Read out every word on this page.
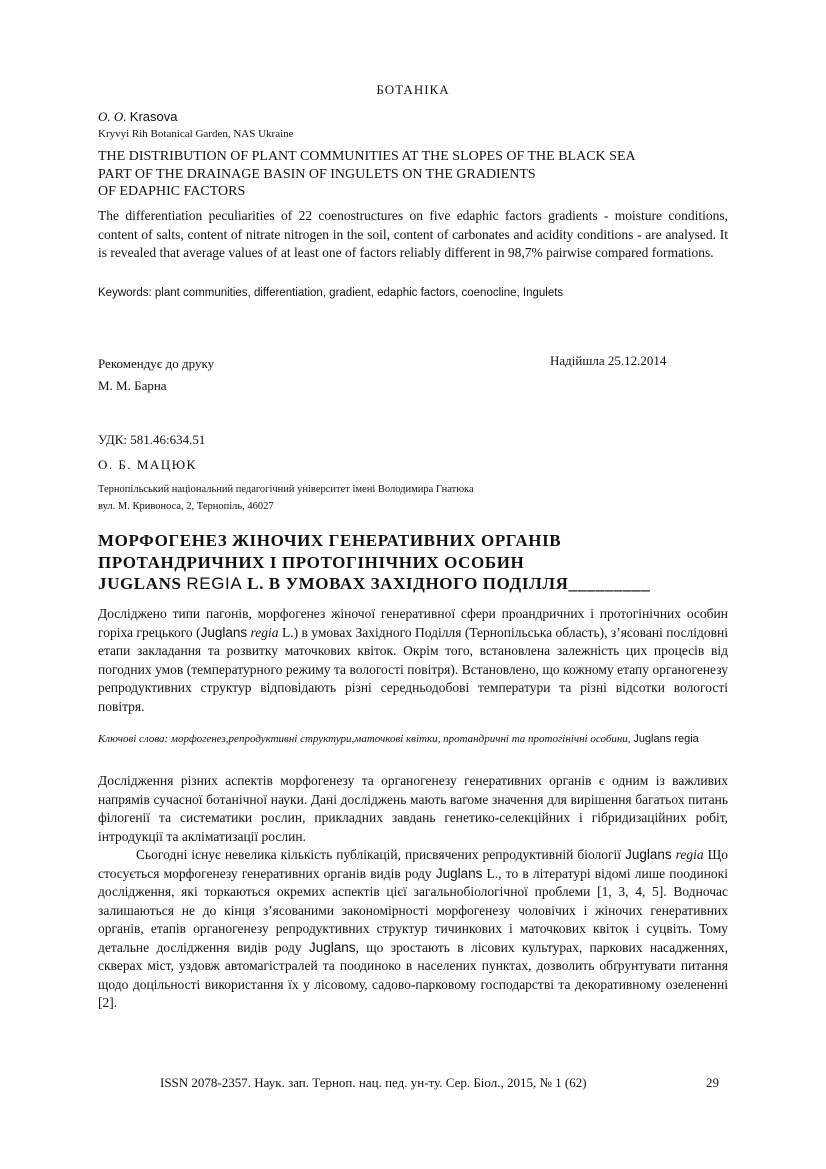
БОТАНІКА
O. O. Krasova
Kryvyi Rih Botanical Garden, NAS Ukraine
THE DISTRIBUTION OF PLANT COMMUNITIES AT THE SLOPES OF THE BLACK SEA
PART OF THE DRAINAGE BASIN OF INGULETS ON THE GRADIENTS
OF EDAPHIC FACTORS
The differentiation peculiarities of 22 coenostructures on five edaphic factors gradients - moisture conditions, content of salts, content of nitrate nitrogen in the soil, content of carbonates and acidity conditions - are analysed. It is revealed that average values of at least one of factors reliably different in 98,7% pairwise compared formations.
Keywords: plant communities, differentiation, gradient, edaphic factors, coenocline, Ingulets
Рекомендує до друку
М. М. Барна
Надійшла 25.12.2014
УДК: 581.46:634.51
О. Б. МАЦЮК
Тернопільський національний педагогічний університет імені Володимира Гнатюка
вул. М. Кривоноса, 2, Тернопіль, 46027
МОРФОГЕНЕЗ ЖІНОЧИХ ГЕНЕРАТИВНИХ ОРГАНІВ
ПРОТАНДРИЧНИХ І ПРОТОГІНІЧНИХ ОСОБИН
JUGLANS REGIA L. В УМОВАХ ЗАХІДНОГО ПОДІЛЛЯ_________
Досліджено типи пагонів, морфогенез жіночої генеративної сфери проандричних і протогінічних особин горіха грецького (Juglans regia L.) в умовах Західного Поділля (Тернопільська область), з’ясовані послідовні етапи закладання та розвитку маточкових квіток. Окрім того, встановлена залежність цих процесів від погодних умов (температурного режиму та вологості повітря). Встановлено, що кожному етапу органогенезу репродуктивних структур відповідають різні середньодобові температури та різні відсотки вологості повітря.
Ключові слова: морфогенез,репродуктивні структури,маточкові квітки, протандричні та протогінічні особини, Juglans regia

Дослідження різних аспектів морфогенезу та органогенезу генеративних органів є одним із важливих напрямів сучасної ботанічної науки. Дані досліджень мають вагоме значення для вирішення багатьох питань філогенії та систематики рослин, прикладних завдань генетико-селекційних і гібридизаційних робіт, інтродукції та акліматизації рослин.

Сьогодні існує невелика кількість публікацій, присвячених репродуктивній біології Juglans regia Що стосується морфогенезу генеративних органів видів роду Juglans L., то в літературі відомі лише поодинокі дослідження, які торкаються окремих аспектів цієї загальнобіологічної проблеми [1, 3, 4, 5]. Водночас залишаються не до кінця з’ясованими закономірності морфогенезу чоловічих і жіночих генеративних органів, етапів органогенезу репродуктивних структур тичинкових і маточкових квіток і суцвіть. Тому детальне дослідження видів роду Juglans, що зростають в лісових культурах, паркових насадженнях, скверах міст, уздовж автомагістралей та поодиноко в населених пунктах, дозволить обґрунтувати питання щодо доцільності використання їх у лісовому, садово-парковому господарстві та декоративному озелененні [2].

ISSN 2078-2357. Наук. зап. Терноп. нац. пед. ун-ту. Сер. Біол., 2015, № 1 (62)	29
